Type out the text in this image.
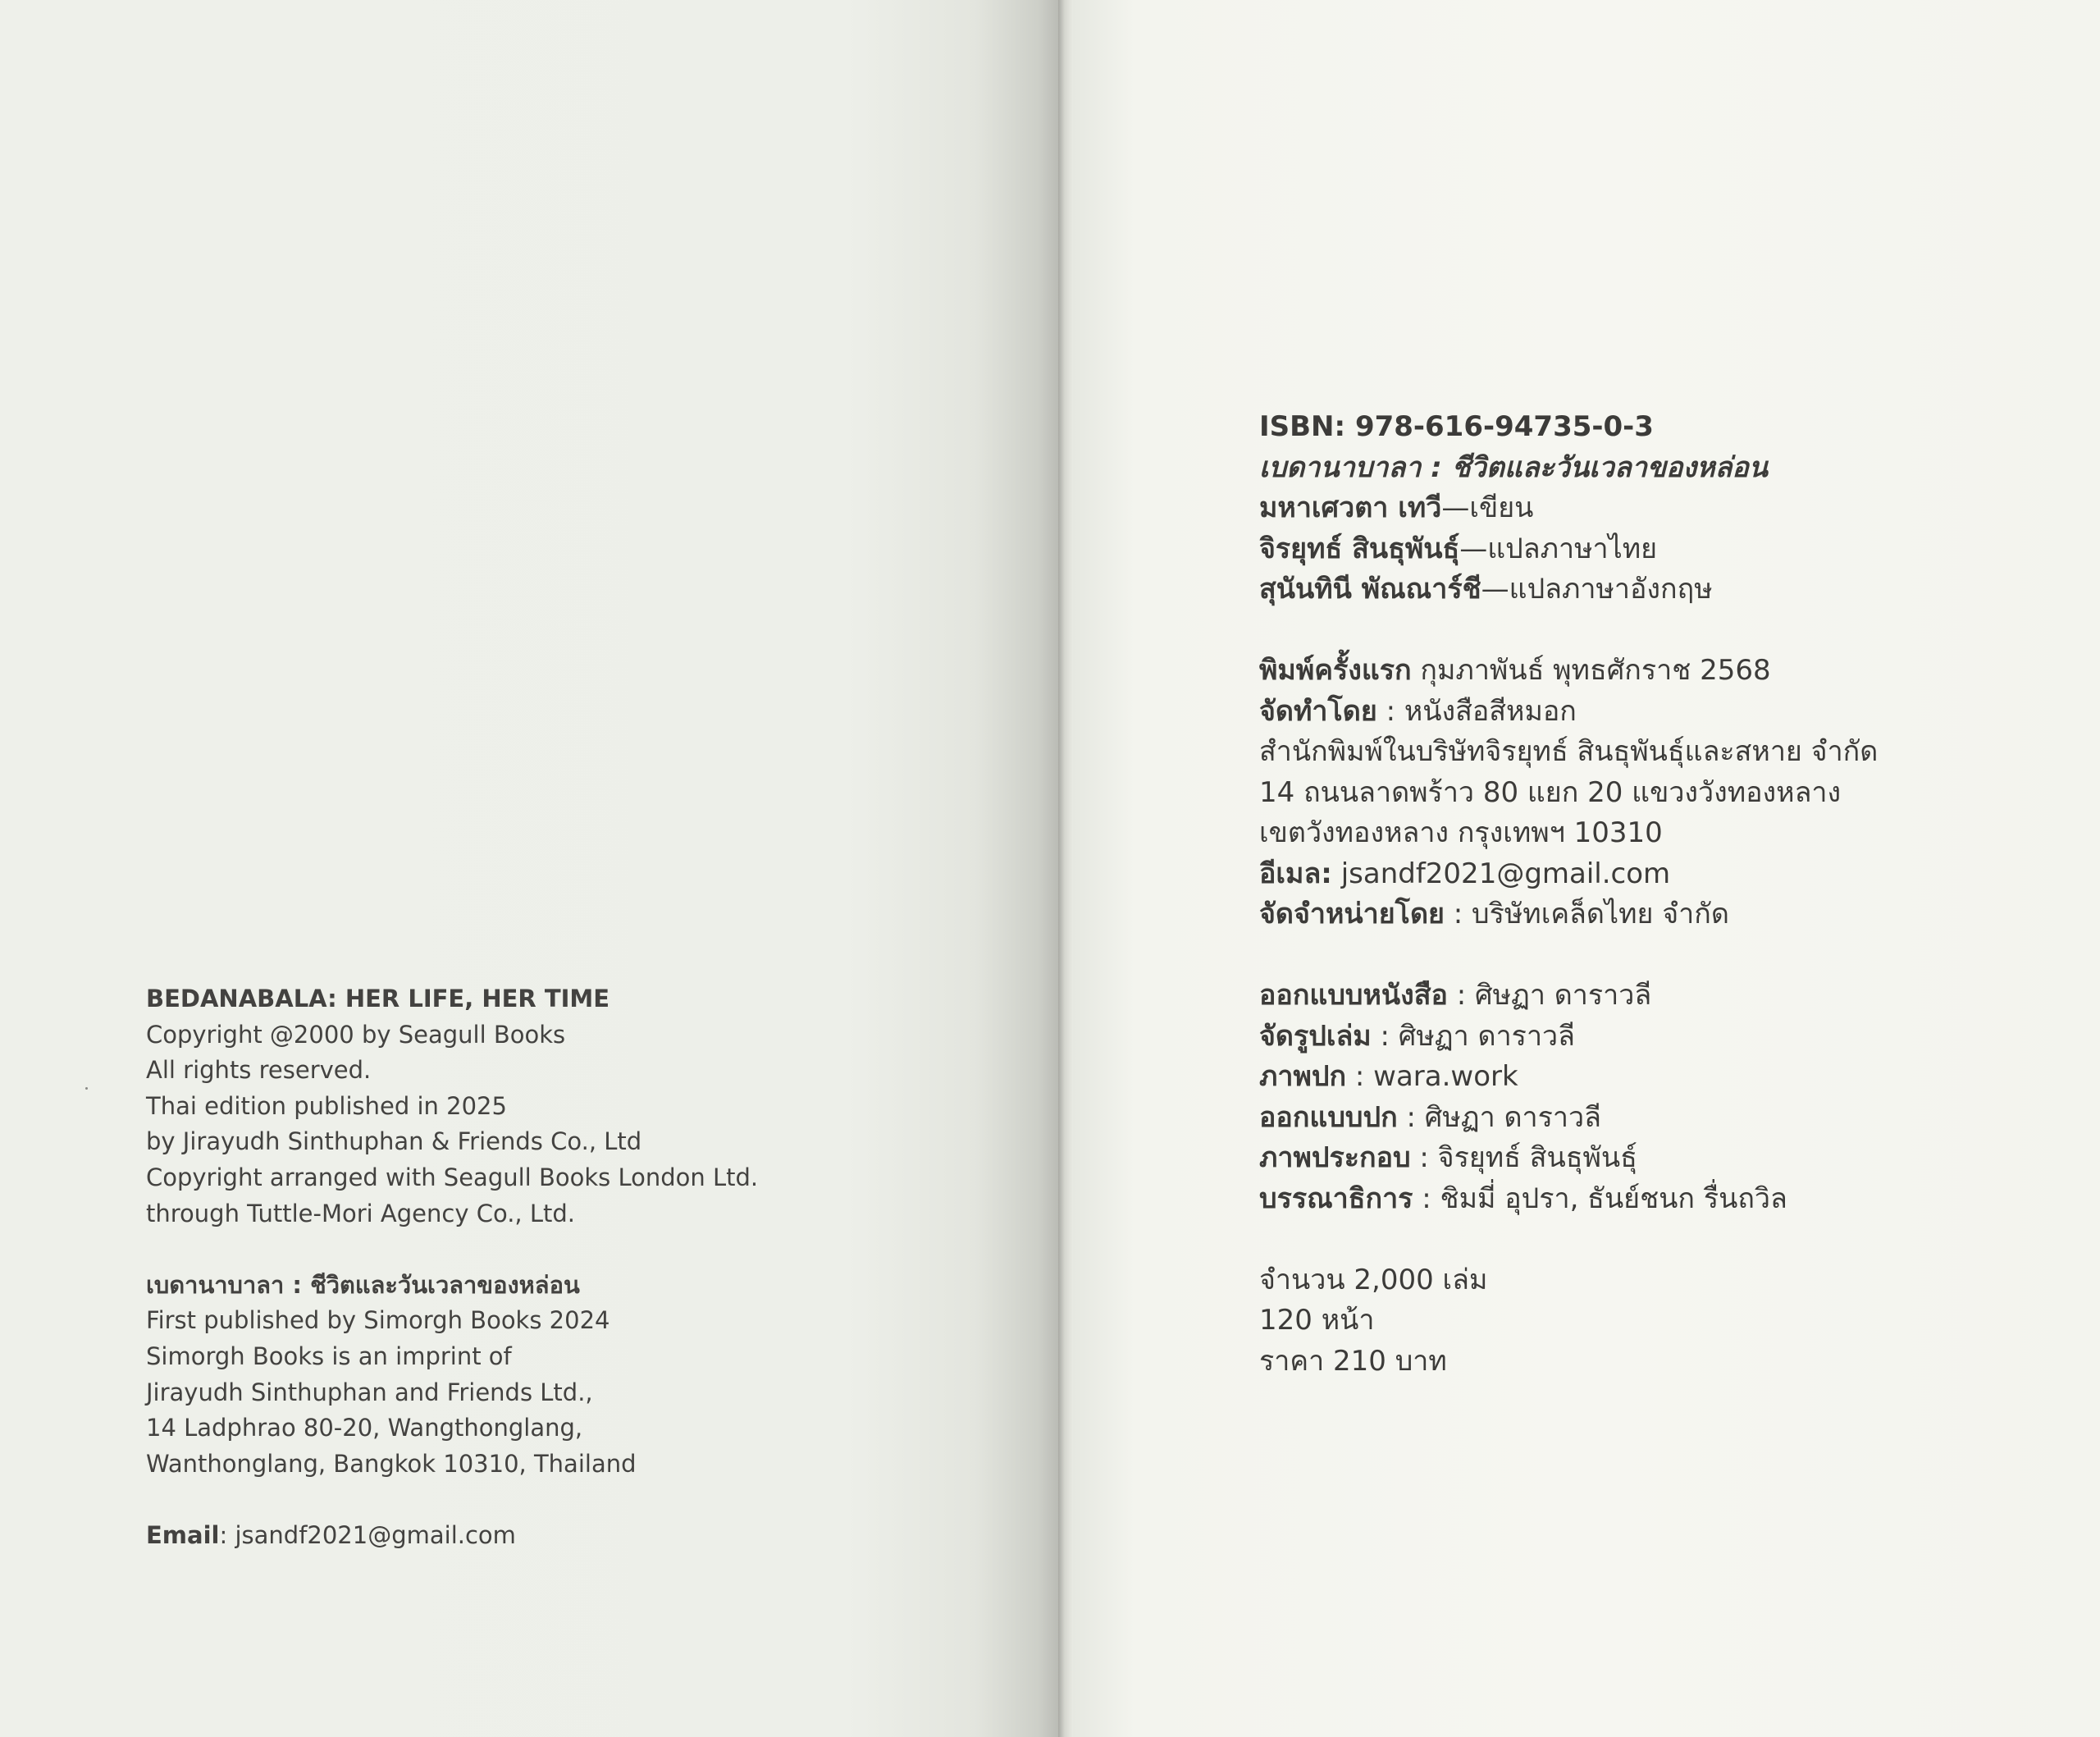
BEDANABALA: HER LIFE, HER TIME
Copyright @2000 by Seagull Books
All rights reserved.
Thai edition published in 2025
by Jirayudh Sinthuphan & Friends Co., Ltd
Copyright arranged with Seagull Books London Ltd.
through Tuttle-Mori Agency Co., Ltd.
เบดานาบาลา : ชีวิตและวันเวลาของหล่อน
First published by Simorgh Books 2024
Simorgh Books is an imprint of
Jirayudh Sinthuphan and Friends Ltd.,
14 Ladphrao 80-20, Wangthonglang,
Wanthonglang, Bangkok 10310, Thailand
Email: jsandf2021@gmail.com
ISBN: 978-616-94735-0-3
เบดานาบาลา : ชีวิตและวันเวลาของหล่อน
มหาเศวตา เทวี—เขียน
จิรยุทธ์ สินธุพันธุ์—แปลภาษาไทย
สุนันทินี พัณณาร์ชี—แปลภาษาอังกฤษ
พิมพ์ครั้งแรก กุมภาพันธ์ พุทธศักราช 2568
จัดทำโดย : หนังสือสีหมอก
สำนักพิมพ์ในบริษัทจิรยุทธ์ สินธุพันธุ์และสหาย จำกัด
14 ถนนลาดพร้าว 80 แยก 20 แขวงวังทองหลาง
เขตวังทองหลาง กรุงเทพฯ 10310
อีเมล: jsandf2021@gmail.com
จัดจำหน่ายโดย : บริษัทเคล็ดไทย จำกัด
ออกแบบหนังสือ : ศิษฏา ดาราวลี
จัดรูปเล่ม : ศิษฏา ดาราวลี
ภาพปก : wara.work
ออกแบบปก : ศิษฏา ดาราวลี
ภาพประกอบ : จิรยุทธ์ สินธุพันธุ์
บรรณาธิการ : ชิมมี่ อุปรา, ธันย์ชนก รื่นถวิล
จำนวน 2,000 เล่ม
120 หน้า
ราคา 210 บาท
